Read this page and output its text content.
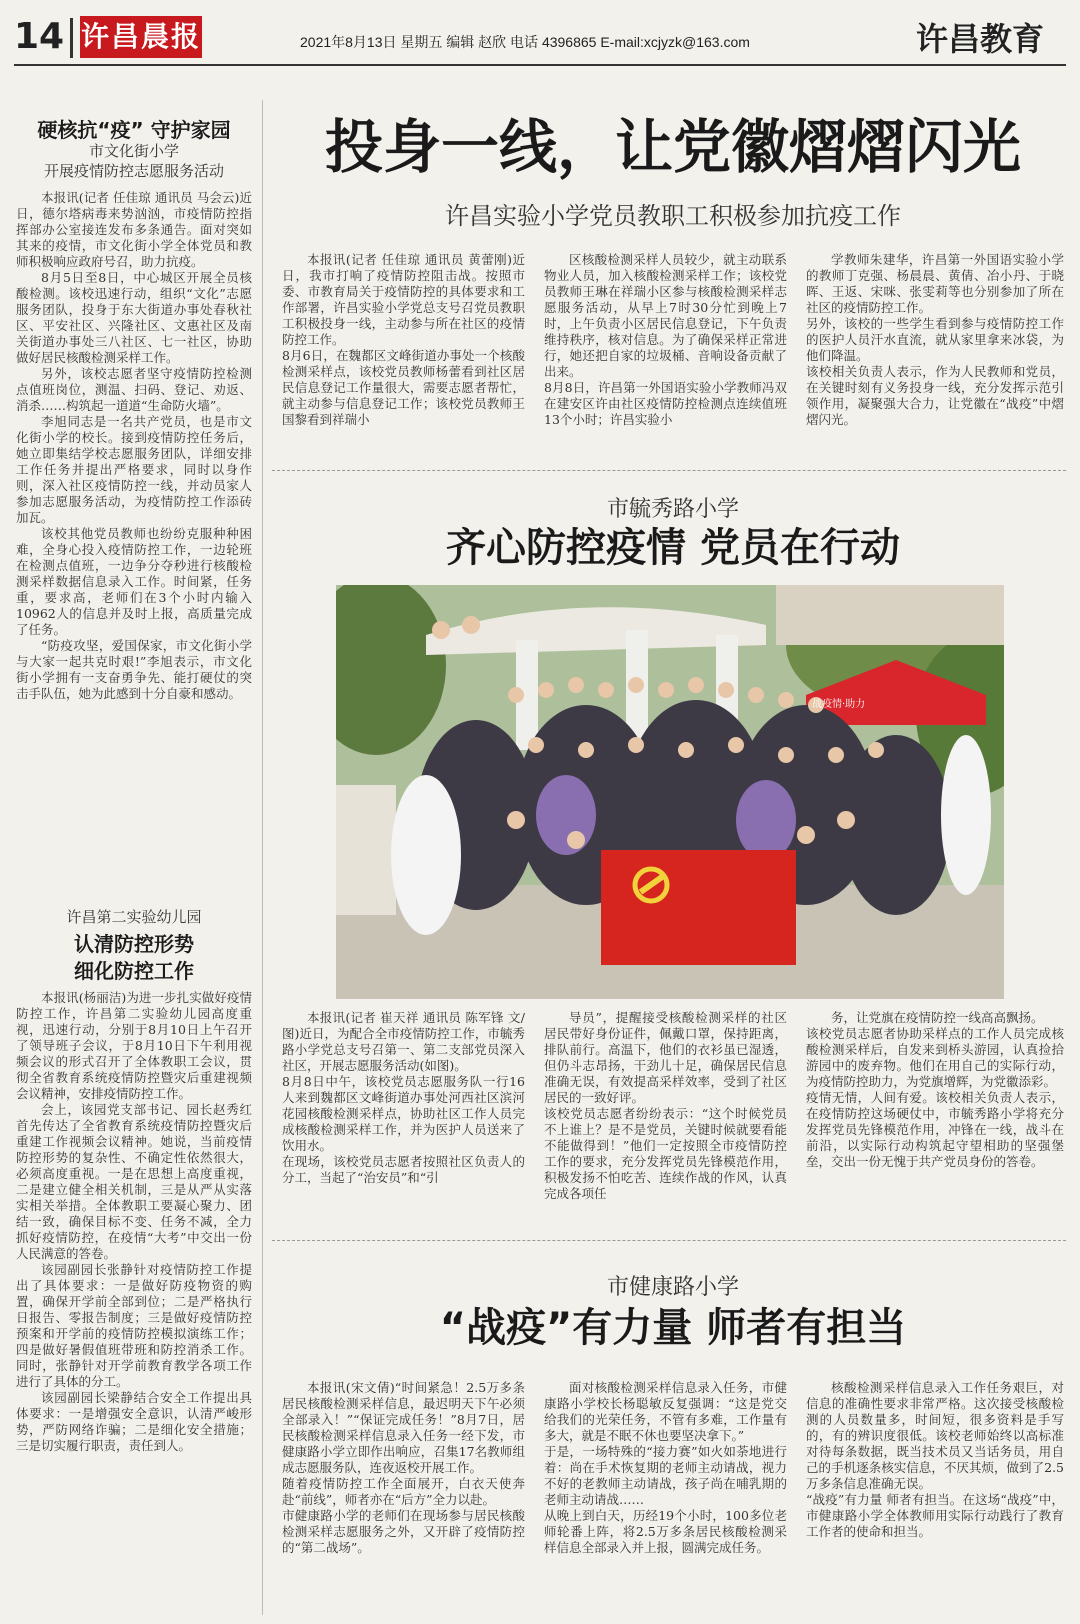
14 许昌晨报	2021年8月13日 星期五 编辑 赵欣 电话 4396865 E-mail:xcjyzk@163.com	许昌教育
硬核抗“疫” 守护家园
市文化街小学
开展疫情防控志愿服务活动

本报讯(记者 任佳琼 通讯员 马会云)近日，德尔塔病毒来势汹汹，市疫情防控指挥部办公室接连发布多条通告。面对突如其来的疫情，市文化街小学全体党员和教师积极响应政府号召，助力抗疫。

8月5日至8日，中心城区开展全员核酸检测。该校迅速行动，组织“文化”志愿服务团队，投身于东大街道办事处春秋社区、平安社区、兴隆社区、文惠社区及南关街道办事处三八社区、七一社区，协助做好居民核酸检测采样工作。

另外，该校志愿者坚守疫情防控检测点值班岗位，测温、扫码、登记、劝返、消杀……构筑起一道道“生命防火墙”。

李旭同志是一名共产党员，也是市文化街小学的校长。接到疫情防控任务后，她立即集结学校志愿服务团队，详细安排工作任务并提出严格要求，同时以身作则，深入社区疫情防控一线，并动员家人参加志愿服务活动，为疫情防控工作添砖加瓦。

该校其他党员教师也纷纷克服种种困难，全身心投入疫情防控工作，一边轮班在检测点值班，一边争分夺秒进行核酸检测采样数据信息录入工作。时间紧，任务重，要求高，老师们在3个小时内输入10962人的信息并及时上报，高质量完成了任务。

“防疫攻坚，爱国保家，市文化街小学与大家一起共克时艰!”李旭表示，市文化街小学拥有一支奋勇争先、能打硬仗的突击手队伍，她为此感到十分自豪和感动。

许昌第二实验幼儿园
认清防控形势
细化防控工作

本报讯(杨丽洁)为进一步扎实做好疫情防控工作，许昌第二实验幼儿园高度重视，迅速行动，分别于8月10日上午召开了领导班子会议，于8月10日下午利用视频会议的形式召开了全体教职工会议，贯彻全省教育系统疫情防控暨灾后重建视频会议精神，安排疫情防控工作。

会上，该园党支部书记、园长赵秀红首先传达了全省教育系统疫情防控暨灾后重建工作视频会议精神。她说，当前疫情防控形势的复杂性、不确定性依然很大，必须高度重视。一是在思想上高度重视，二是建立健全相关机制，三是从严从实落实相关举措。全体教职工要凝心聚力、团结一致，确保目标不变、任务不减，全力抓好疫情防控，在疫情“大考”中交出一份人民满意的答卷。

该园副园长张静针对疫情防控工作提出了具体要求：一是做好防疫物资的购置，确保开学前全部到位；二是严格执行日报告、零报告制度；三是做好疫情防控预案和开学前的疫情防控模拟演练工作；四是做好暑假值班带班和防控消杀工作。同时，张静针对开学前教育教学各项工作进行了具体的分工。

该园副园长梁静结合安全工作提出具体要求：一是增强安全意识，认清严峻形势，严防网络诈骗；二是细化安全措施；三是切实履行职责，责任到人。

投身一线，让党徽熠熠闪光
许昌实验小学党员教职工积极参加抗疫工作

本报讯(记者 任佳琼 通讯员 黄蕾刚)近日，我市打响了疫情防控阻击战。按照市委、市教育局关于疫情防控的具体要求和工作部署，许昌实验小学党总支号召党员教职工积极投身一线，主动参与所在社区的疫情防控工作。
8月6日，在魏都区文峰街道办事处一个核酸检测采样点，该校党员教师杨蕾看到社区居民信息登记工作量很大，需要志愿者帮忙，就主动参与信息登记工作；该校党员教师王国黎看到祥瑞小

区核酸检测采样人员较少，就主动联系物业人员，加入核酸检测采样工作；该校党员教师王琳在祥瑞小区参与核酸检测采样志愿服务活动，从早上7时30分忙到晚上7时，上午负责小区居民信息登记，下午负责维持秩序，核对信息。为了确保采样正常进行，她还把自家的垃圾桶、音响设备贡献了出来。
8月8日，许昌第一外国语实验小学教师冯双在建安区许由社区疫情防控检测点连续值班13个小时；许昌实验小

学教师朱建华，许昌第一外国语实验小学的教师丁克强、杨晨晨、黄倩、冶小丹、于晓晖、王返、宋咪、张雯莉等也分别参加了所在社区的疫情防控工作。
另外，该校的一些学生看到参与疫情防控工作的医护人员汗水直流，就从家里拿来冰袋，为他们降温。
该校相关负责人表示，作为人民教师和党员，在关键时刻有义务投身一线，充分发挥示范引领作用，凝聚强大合力，让党徽在“战疫”中熠熠闪光。

市毓秀路小学
齐心防控疫情 党员在行动
战疫情·助力

本报讯(记者 崔天祥 通讯员 陈军锋 文/图)近日，为配合全市疫情防控工作，市毓秀路小学党总支号召第一、第二支部党员深入社区，开展志愿服务活动(如图)。
8月8日中午，该校党员志愿服务队一行16人来到魏都区文峰街道办事处河西社区滨河花园核酸检测采样点，协助社区工作人员完成核酸检测采样工作，并为医护人员送来了饮用水。
在现场，该校党员志愿者按照社区负责人的分工，当起了“治安员”和“引

导员”，提醒接受核酸检测采样的社区居民带好身份证件，佩戴口罩，保持距离，排队前行。高温下，他们的衣衫虽已湿透，但仍斗志昂扬，干劲儿十足，确保居民信息准确无误，有效提高采样效率，受到了社区居民的一致好评。
该校党员志愿者纷纷表示：“这个时候党员不上谁上？是不是党员，关键时候就要看能不能做得到！”他们一定按照全市疫情防控工作的要求，充分发挥党员先锋模范作用，积极发扬不怕吃苦、连续作战的作风，认真完成各项任

务，让党旗在疫情防控一线高高飘扬。
该校党员志愿者协助采样点的工作人员完成核酸检测采样后，自发来到桥头游园，认真捡拾游园中的废弃物。他们在用自己的实际行动，为疫情防控助力，为党旗增辉，为党徽添彩。
疫情无情，人间有爱。该校相关负责人表示，在疫情防控这场硬仗中，市毓秀路小学将充分发挥党员先锋模范作用，冲锋在一线，战斗在前沿，以实际行动构筑起守望相助的坚强堡垒，交出一份无愧于共产党员身份的答卷。

市健康路小学
“战疫”有力量 师者有担当

本报讯(宋文倩)“时间紧急！2.5万多条居民核酸检测采样信息，最迟明天下午必须全部录入！”“保证完成任务！”8月7日，居民核酸检测采样信息录入任务一经下发，市健康路小学立即作出响应，召集17名教师组成志愿服务队，连夜返校开展工作。
随着疫情防控工作全面展开，白衣天使奔赴“前线”，师者亦在“后方”全力以赴。
市健康路小学的老师们在现场参与居民核酸检测采样志愿服务之外，又开辟了疫情防控的“第二战场”。

面对核酸检测采样信息录入任务，市健康路小学校长杨聪敏反复强调：“这是党交给我们的光荣任务，不管有多难，工作量有多大，就是不眠不休也要坚决拿下。”
于是，一场特殊的“接力赛”如火如荼地进行着：尚在手术恢复期的老师主动请战，视力不好的老教师主动请战，孩子尚在哺乳期的老师主动请战……
从晚上到白天，历经19个小时，100多位老师轮番上阵，将2.5万多条居民核酸检测采样信息全部录入并上报，圆满完成任务。

核酸检测采样信息录入工作任务艰巨，对信息的准确性要求非常严格。这次接受核酸检测的人员数量多，时间短，很多资料是手写的，有的辨识度很低。该校老师始终以高标准对待每条数据，既当技术员又当话务员，用自己的手机逐条核实信息，不厌其烦，做到了2.5万多条信息准确无误。
“战疫”有力量 师者有担当。在这场“战疫”中，市健康路小学全体教师用实际行动践行了教育工作者的使命和担当。
